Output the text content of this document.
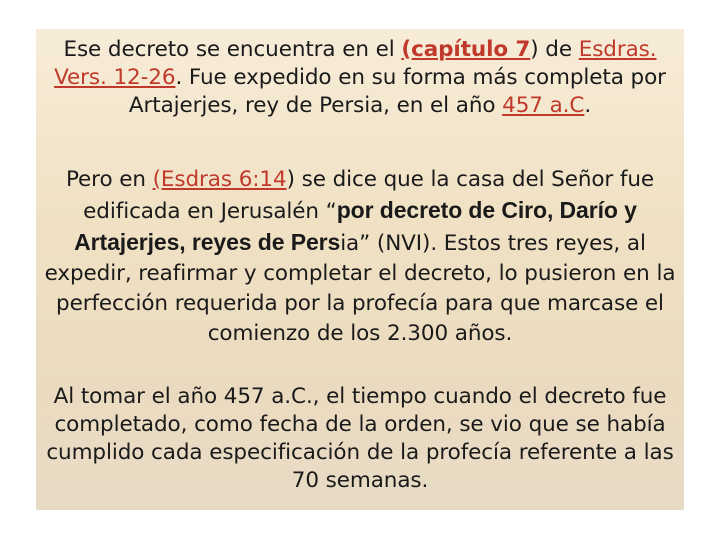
Ese decreto se encuentra en el (capítulo 7) de Esdras. Vers. 12-26. Fue expedido en su forma más completa por Artajerjes, rey de Persia, en el año 457 a.C.

Pero en (Esdras 6:14) se dice que la casa del Señor fue edificada en Jerusalén “por decreto de Ciro, Darío y Artajerjes, reyes de Persia” (NVI). Estos tres reyes, al expedir, reafirmar y completar el decreto, lo pusieron en la perfección requerida por la profecía para que marcase el comienzo de los 2.300 años.

Al tomar el año 457 a.C., el tiempo cuando el decreto fue completado, como fecha de la orden, se vio que se había cumplido cada especificación de la profecía referente a las 70 semanas.
